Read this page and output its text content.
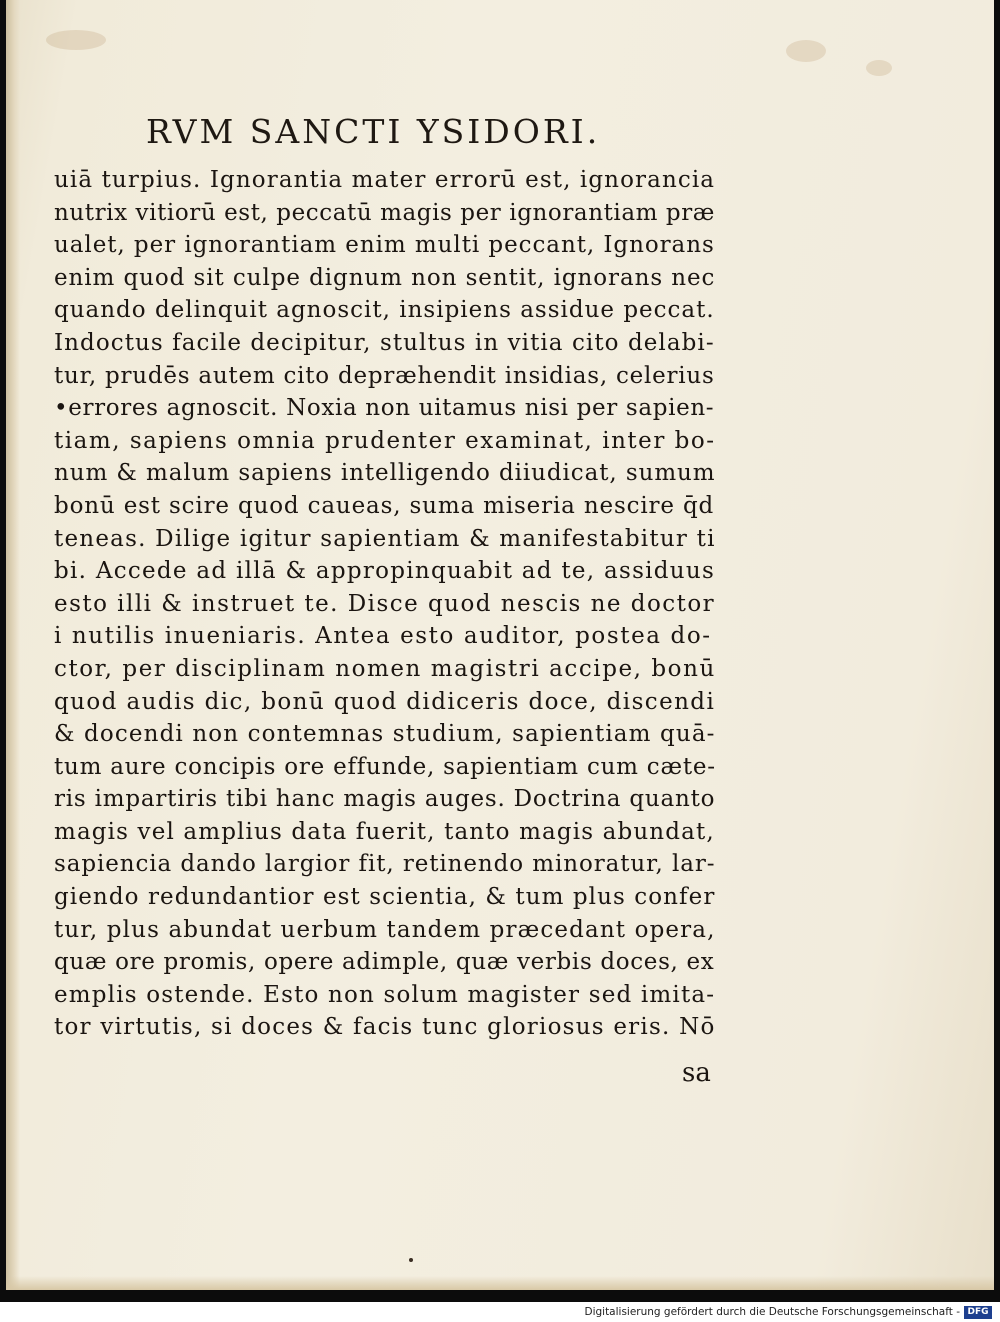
RVM SANCTI YSIDORI.
uiā turpius. Ignorantia mater errorū est, ignorancia
nutrix vitiorū est, peccatū magis per ignorantiam præ
ualet, per ignorantiam enim multi peccant, Ignorans
enim quod sit culpe dignum non sentit, ignorans nec
quando delinquit agnoscit, insipiens assidue peccat.
Indoctus facile decipitur, stultus in vitia cito delabi-
tur, prudēs autem cito depræhendit insidias, celerius
•errores agnoscit. Noxia non uitamus nisi per sapien-
tiam, sapiens omnia prudenter examinat, inter bo-
num & malum sapiens intelligendo diiudicat, sumum
bonū est scire quod caueas, suma miseria nescire q̄d
teneas. Dilige igitur sapientiam & manifestabitur ti
bi. Accede ad illā & appropinquabit ad te, assiduus
esto illi & instruet te. Disce quod nescis ne doctor
i nutilis inueniaris. Antea esto auditor, postea do-
ctor, per disciplinam nomen magistri accipe, bonū
quod audis dic, bonū quod didiceris doce, discendi
& docendi non contemnas studium, sapientiam quā-
tum aure concipis ore effunde, sapientiam cum cæte-
ris impartiris tibi hanc magis auges. Doctrina quanto
magis vel amplius data fuerit, tanto magis abundat,
sapiencia dando largior fit, retinendo minoratur, lar-
giendo redundantior est scientia, & tum plus confer
tur, plus abundat uerbum tandem præcedant opera,
quæ ore promis, opere adimple, quæ verbis doces, ex
emplis ostende. Esto non solum magister sed imita-
tor virtutis, si doces & facis tunc gloriosus eris. Nō
sa
Digitalisierung gefördert durch die Deutsche Forschungsgemeinschaft - DFG
